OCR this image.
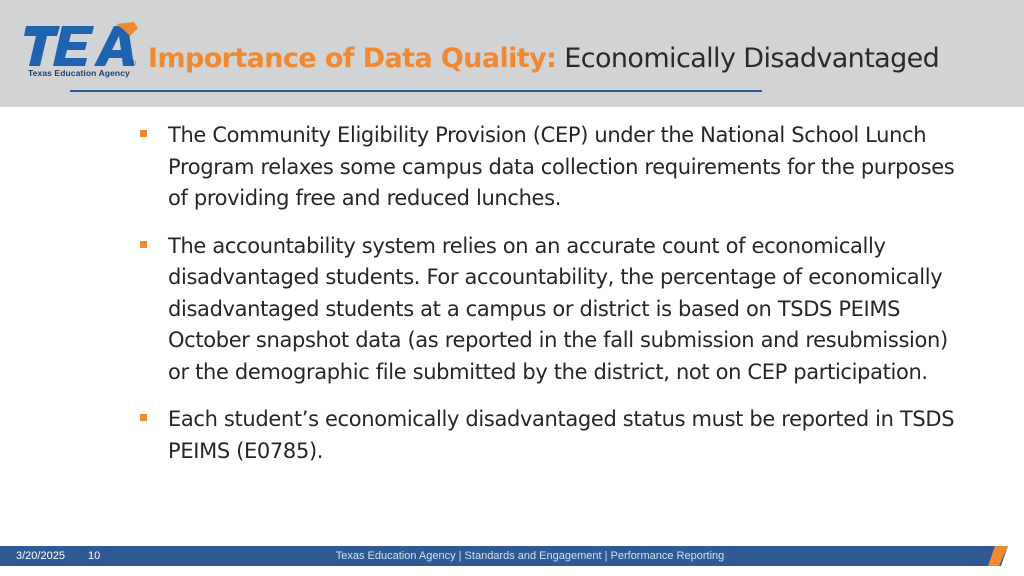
®
Texas Education Agency Importance of Data Quality: Economically Disadvantaged
The Community Eligibility Provision (CEP) under the National School Lunch Program relaxes some campus data collection requirements for the purposes of providing free and reduced lunches.
The accountability system relies on an accurate count of economically disadvantaged students. For accountability, the percentage of economically disadvantaged students at a campus or district is based on TSDS PEIMS October snapshot data (as reported in the fall submission and resubmission) or the demographic file submitted by the district, not on CEP participation.
Each student’s economically disadvantaged status must be reported in TSDS PEIMS (E0785).
3/20/2025 10	Texas Education Agency | Standards and Engagement | Performance Reporting
